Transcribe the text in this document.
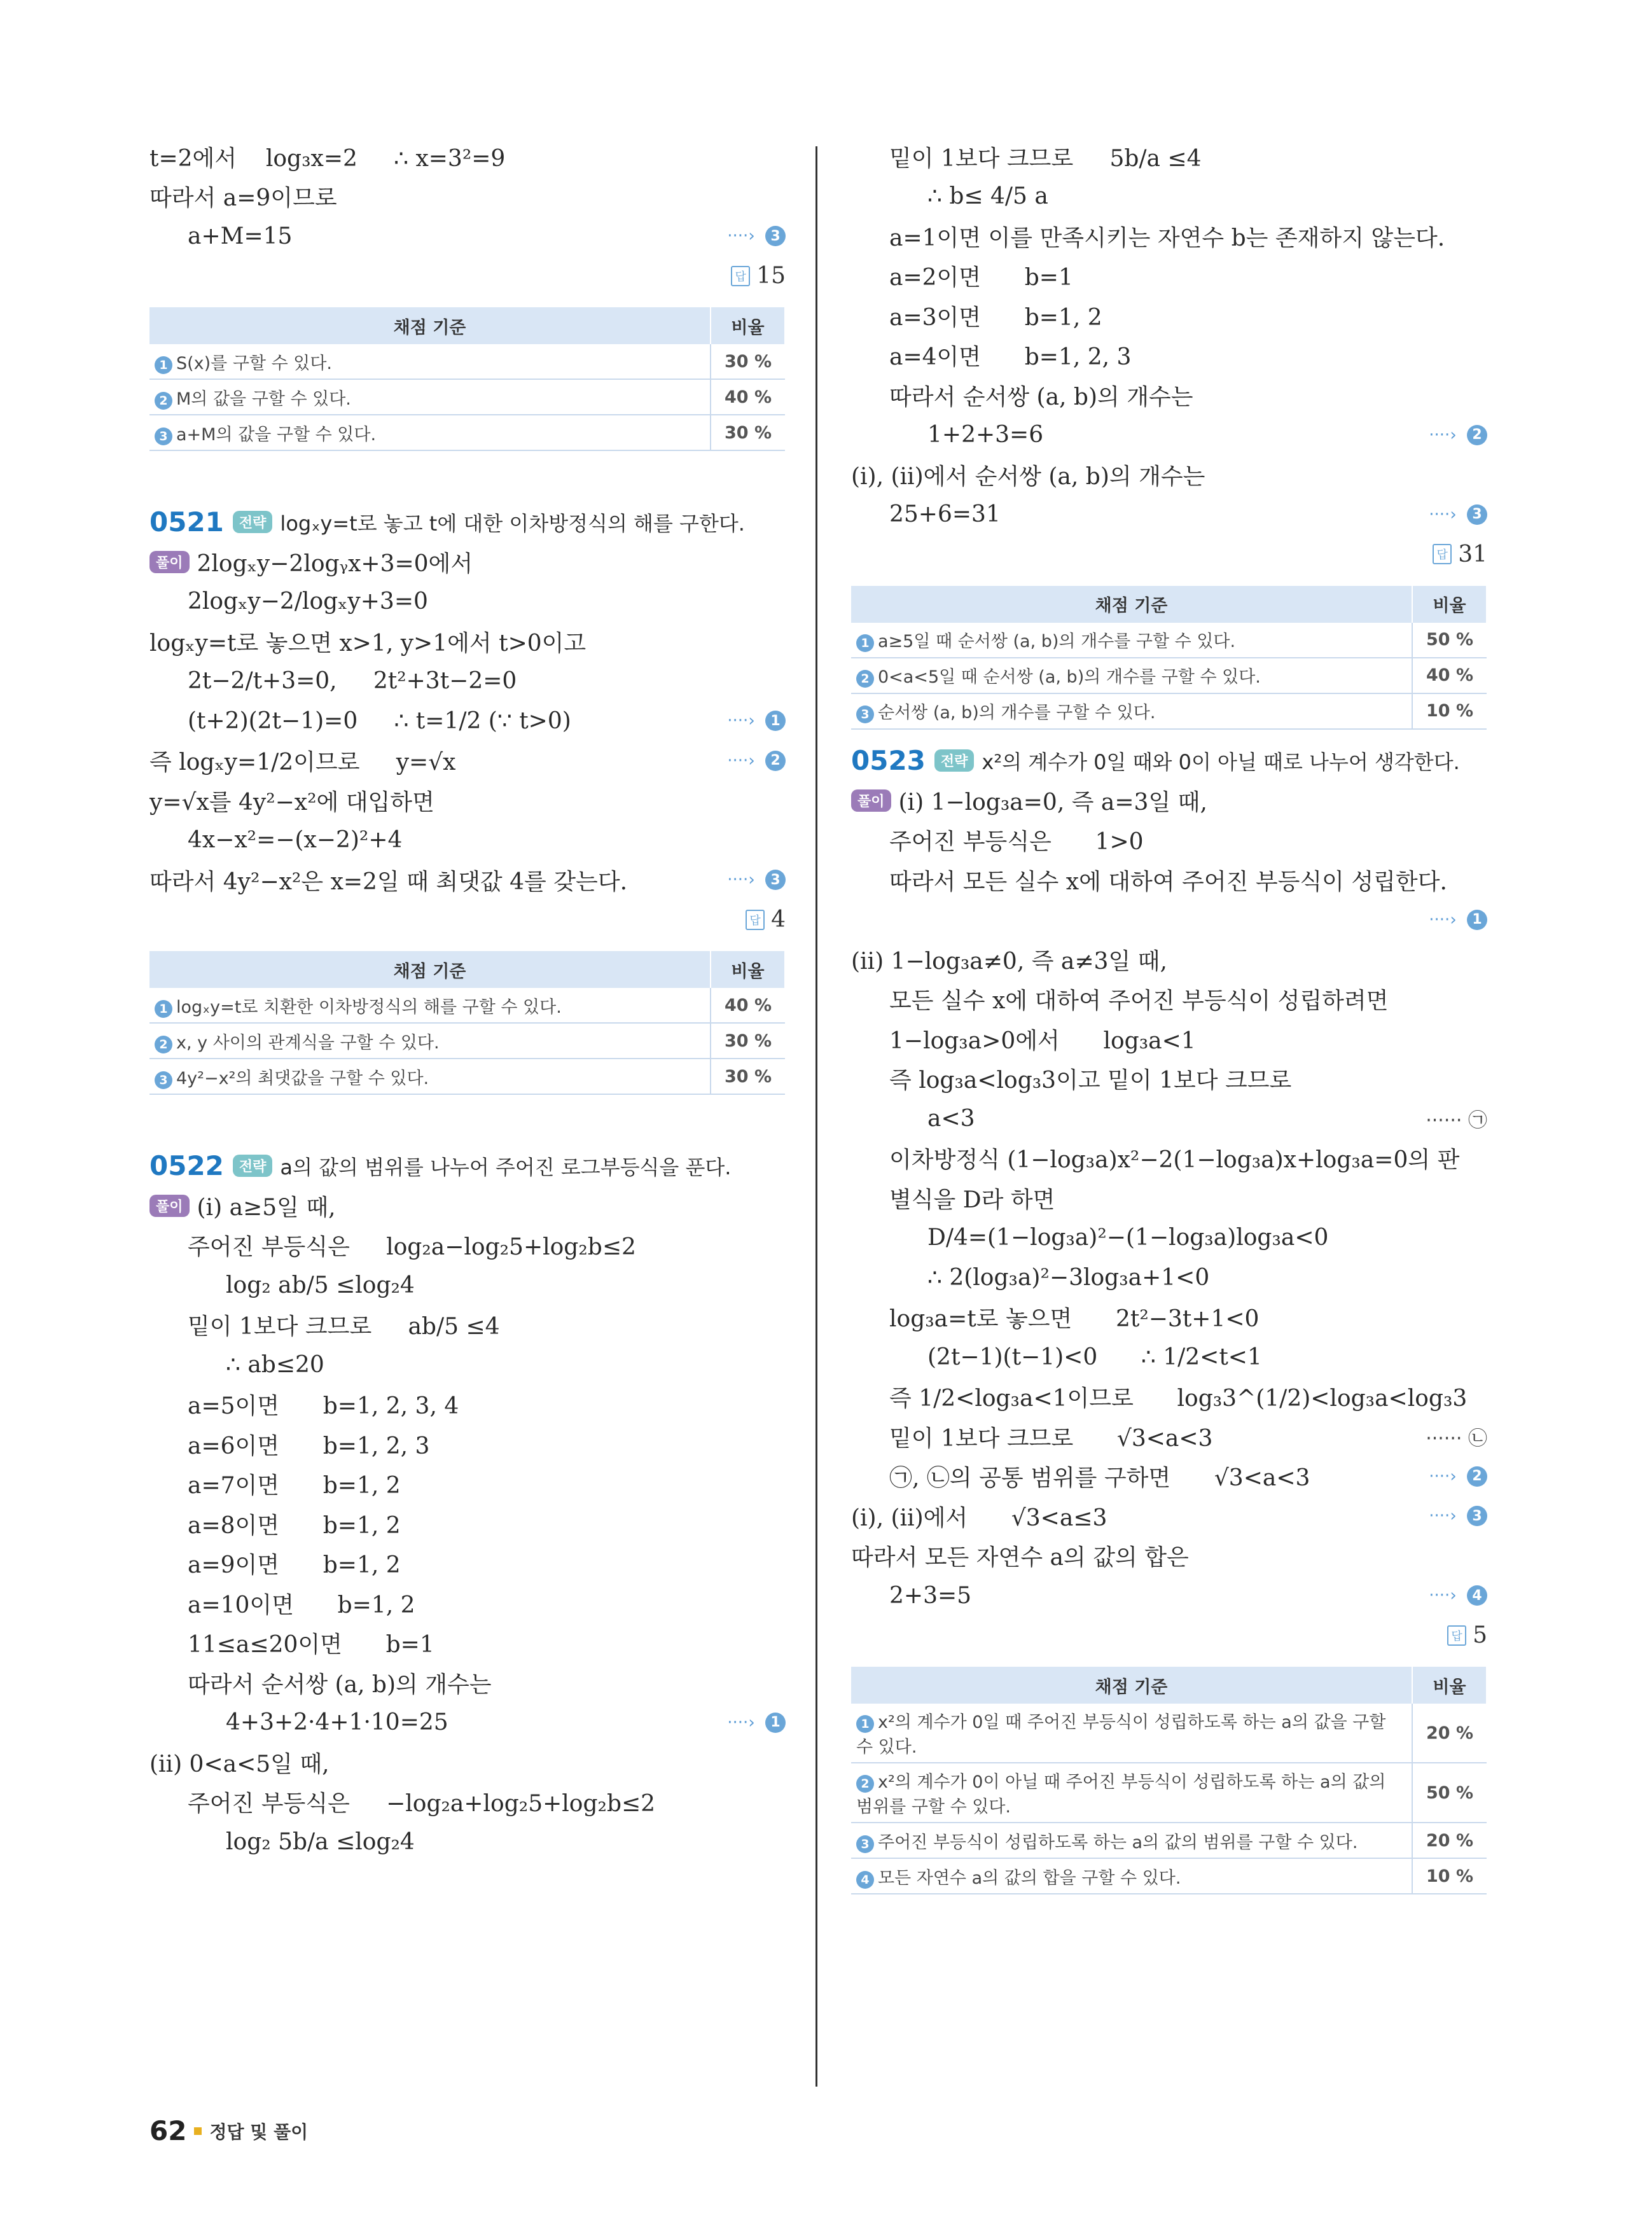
t=2에서    log₃x=2     ∴ x=3²=9
따라서 a=9이므로
a+M=15	····› 3
답 15
채점 기준	비율
1 S(x)를 구할 수 있다.	30 %
2 M의 값을 구할 수 있다.	40 %
3 a+M의 값을 구할 수 있다.	30 %
0521	전략 logₓy=t로 놓고 t에 대한 이차방정식의 해를 구한다.
풀이 2logₓy−2logᵧx+3=0에서
2logₓy−2/logₓy+3=0
logₓy=t로 놓으면 x>1, y>1에서 t>0이고
2t−2/t+3=0,     2t²+3t−2=0
(t+2)(2t−1)=0     ∴ t=1/2 (∵ t>0)	····› 1
즉 logₓy=1/2이므로     y=√x	····› 2
y=√x를 4y²−x²에 대입하면
4x−x²=−(x−2)²+4
따라서 4y²−x²은 x=2일 때 최댓값 4를 갖는다.	····› 3
답 4
채점 기준	비율
1 logₓy=t로 치환한 이차방정식의 해를 구할 수 있다.	40 %
2 x, y 사이의 관계식을 구할 수 있다.	30 %
3 4y²−x²의 최댓값을 구할 수 있다.	30 %
0522	전략 a의 값의 범위를 나누어 주어진 로그부등식을 푼다.
풀이 (i) a≥5일 때,
주어진 부등식은     log₂a−log₂5+log₂b≤2
log₂ ab/5 ≤log₂4
밑이 1보다 크므로     ab/5 ≤4
∴ ab≤20
a=5이면      b=1, 2, 3, 4
a=6이면      b=1, 2, 3
a=7이면      b=1, 2
a=8이면      b=1, 2
a=9이면      b=1, 2
a=10이면      b=1, 2
11≤a≤20이면      b=1
따라서 순서쌍 (a, b)의 개수는
4+3+2·4+1·10=25	····› 1
(ii) 0<a<5일 때,
주어진 부등식은     −log₂a+log₂5+log₂b≤2
log₂ 5b/a ≤log₂4
밑이 1보다 크므로     5b/a ≤4
∴ b≤ 4/5 a
a=1이면 이를 만족시키는 자연수 b는 존재하지 않는다.
a=2이면      b=1
a=3이면      b=1, 2
a=4이면      b=1, 2, 3
따라서 순서쌍 (a, b)의 개수는
1+2+3=6	····› 2
(i), (ii)에서 순서쌍 (a, b)의 개수는
25+6=31	····› 3
답 31
채점 기준	비율
1 a≥5일 때 순서쌍 (a, b)의 개수를 구할 수 있다.	50 %
2 0<a<5일 때 순서쌍 (a, b)의 개수를 구할 수 있다.	40 %
3 순서쌍 (a, b)의 개수를 구할 수 있다.	10 %
0523	전략 x²의 계수가 0일 때와 0이 아닐 때로 나누어 생각한다.
풀이 (i) 1−log₃a=0, 즉 a=3일 때,
주어진 부등식은      1>0
따라서 모든 실수 x에 대하여 주어진 부등식이 성립한다.
····› 1
(ii) 1−log₃a≠0, 즉 a≠3일 때,
모든 실수 x에 대하여 주어진 부등식이 성립하려면
1−log₃a>0에서      log₃a<1
즉 log₃a<log₃3이고 밑이 1보다 크므로
a<3	······ ㉠
이차방정식 (1−log₃a)x²−2(1−log₃a)x+log₃a=0의 판
별식을 D라 하면
D/4=(1−log₃a)²−(1−log₃a)log₃a<0
∴ 2(log₃a)²−3log₃a+1<0
log₃a=t로 놓으면      2t²−3t+1<0
(2t−1)(t−1)<0      ∴ 1/2<t<1
즉 1/2<log₃a<1이므로      log₃3^(1/2)<log₃a<log₃3
밑이 1보다 크므로      √3<a<3	······ ㉡
㉠, ㉡의 공통 범위를 구하면      √3<a<3	····› 2
(i), (ii)에서      √3<a≤3	····› 3
따라서 모든 자연수 a의 값의 합은
2+3=5	····› 4
답 5
채점 기준	비율
1 x²의 계수가 0일 때 주어진 부등식이 성립하도록 하는 a의 값을 구할 수 있다.	20 %
2 x²의 계수가 0이 아닐 때 주어진 부등식이 성립하도록 하는 a의 값의 범위를 구할 수 있다.	50 %
3 주어진 부등식이 성립하도록 하는 a의 값의 범위를 구할 수 있다.	20 %
4 모든 자연수 a의 값의 합을 구할 수 있다.	10 %
62 정답 및 풀이
